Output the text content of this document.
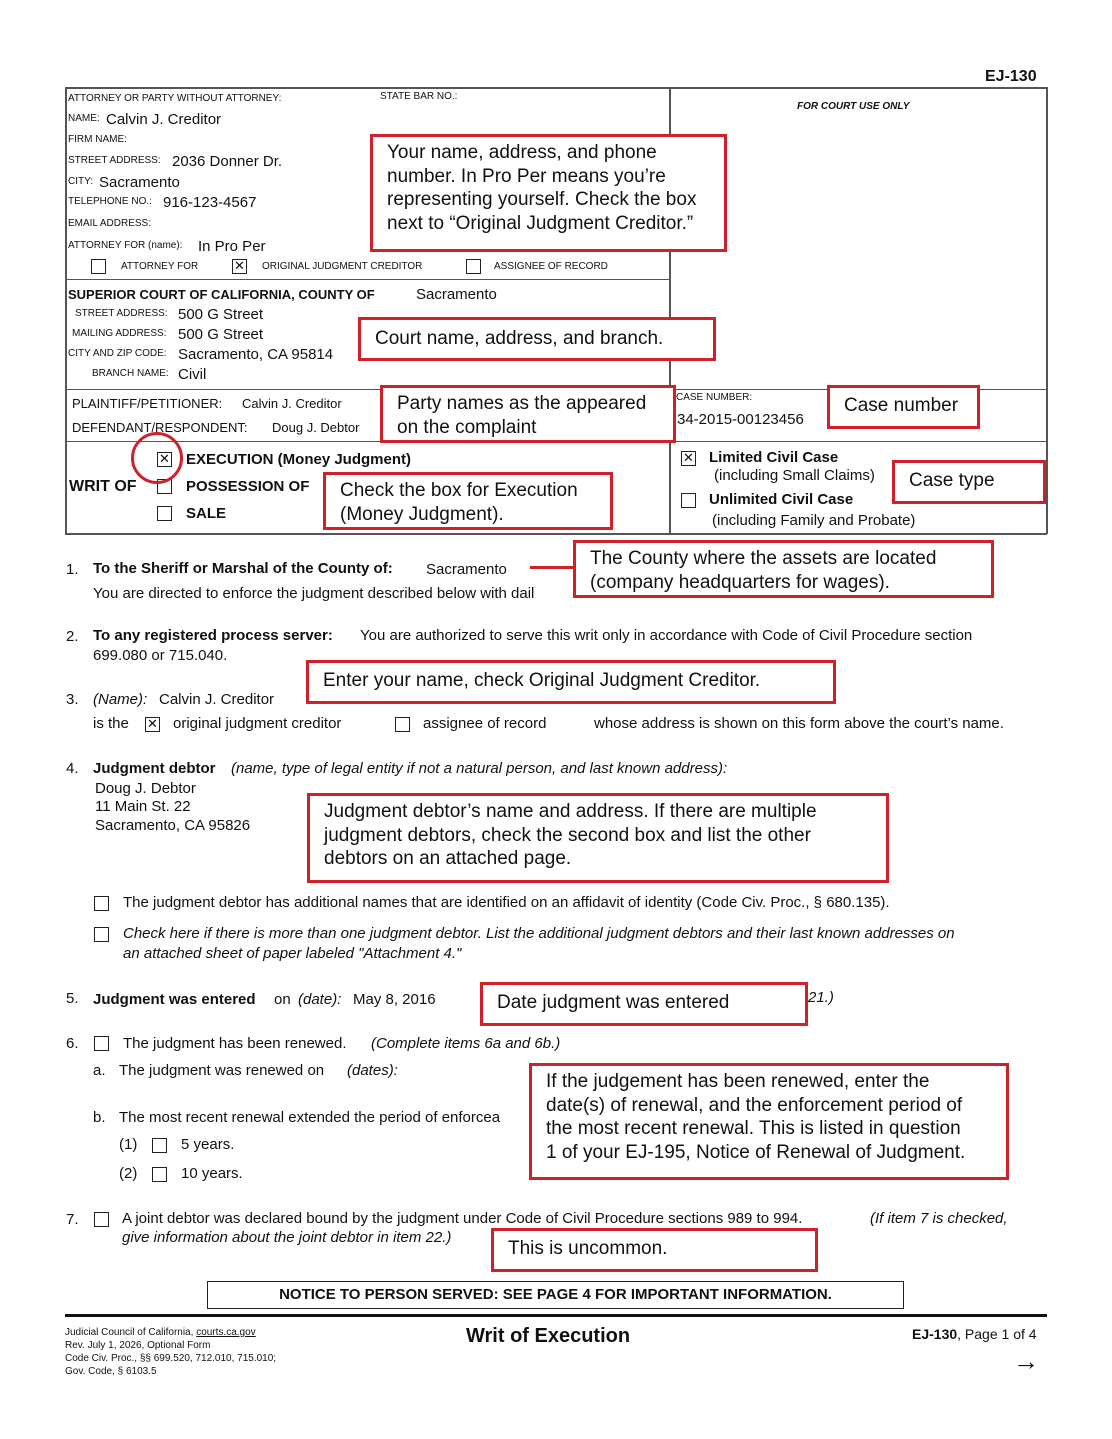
EJ-130
ATTORNEY OR PARTY WITHOUT ATTORNEY:	STATE BAR NO.:
FOR COURT USE ONLY
NAME: Calvin J. Creditor
FIRM NAME:
STREET ADDRESS: 2036 Donner Dr.
CITY: Sacramento
TELEPHONE NO.: 916-123-4567
EMAIL ADDRESS:
ATTORNEY FOR (name): In Pro Per
ATTORNEY FOR ✕	ORIGINAL JUDGMENT CREDITOR	ASSIGNEE OF RECORD
SUPERIOR COURT OF CALIFORNIA, COUNTY OF	Sacramento
STREET ADDRESS: 500 G Street
MAILING ADDRESS: 500 G Street
CITY AND ZIP CODE: Sacramento, CA 95814
BRANCH NAME: Civil
PLAINTIFF/PETITIONER: Calvin J. Creditor
DEFENDANT/RESPONDENT: Doug J. Debtor
CASE NUMBER:
34-2015-00123456
WRIT OF
✕
EXECUTION (Money Judgment)
POSSESSION OF
SALE
✕
Limited Civil Case
(including Small Claims)
Unlimited Civil Case
(including Family and Probate)
1. To the Sheriff or Marshal of the County of: Sacramento
You are directed to enforce the judgment described below with dail
2. To any registered process server: You are authorized to serve this writ only in accordance with Code of Civil Procedure section
699.080 or 715.040.
3. (Name): Calvin J. Creditor
is the ✕	original judgment creditor	assignee of record	whose address is shown on this form above the court’s name.
4. Judgment debtor (name, type of legal entity if not a natural person, and last known address):
Doug J. Debtor
11 Main St. 22
Sacramento, CA 95826
The judgment debtor has additional names that are identified on an affidavit of identity (Code Civ. Proc., § 680.135).
Check here if there is more than one judgment debtor. List the additional judgment debtors and their last known addresses on
an attached sheet of paper labeled "Attachment 4."
5. Judgment was entered on (date): May 8, 2016	21.)
6.	The judgment has been renewed. (Complete items 6a and 6b.)
a. The judgment was renewed on (dates):
b. The most recent renewal extended the period of enforcea
(1)	5 years.
(2)	10 years.
7.	A joint debtor was declared bound by the judgment under Code of Civil Procedure sections 989 to 994.	(If item 7 is checked,
give information about the joint debtor in item 22.)
NOTICE TO PERSON SERVED: SEE PAGE 4 FOR IMPORTANT INFORMATION.
Judicial Council of California, courts.ca.gov
Rev. July 1, 2026, Optional Form
Code Civ. Proc., §§ 699.520, 712.010, 715.010;
Gov. Code, § 6103.5
Writ of Execution	EJ-130, Page 1 of 4
→
Your name, address, and phone
number. In Pro Per means you’re
representing yourself. Check the box
next to “Original Judgment Creditor.”
Court name, address, and branch.
Party names as the appeared
on the complaint
Case number
Case type
Check the box for Execution
(Money Judgment).
The County where the assets are located
(company headquarters for wages).
Enter your name, check Original Judgment Creditor.
Judgment debtor’s name and address. If there are multiple
judgment debtors, check the second box and list the other
debtors on an attached page.
Date judgment was entered
If the judgement has been renewed, enter the
date(s) of renewal, and the enforcement period of
the most recent renewal. This is listed in question
1 of your EJ-195, Notice of Renewal of Judgment.
This is uncommon.
